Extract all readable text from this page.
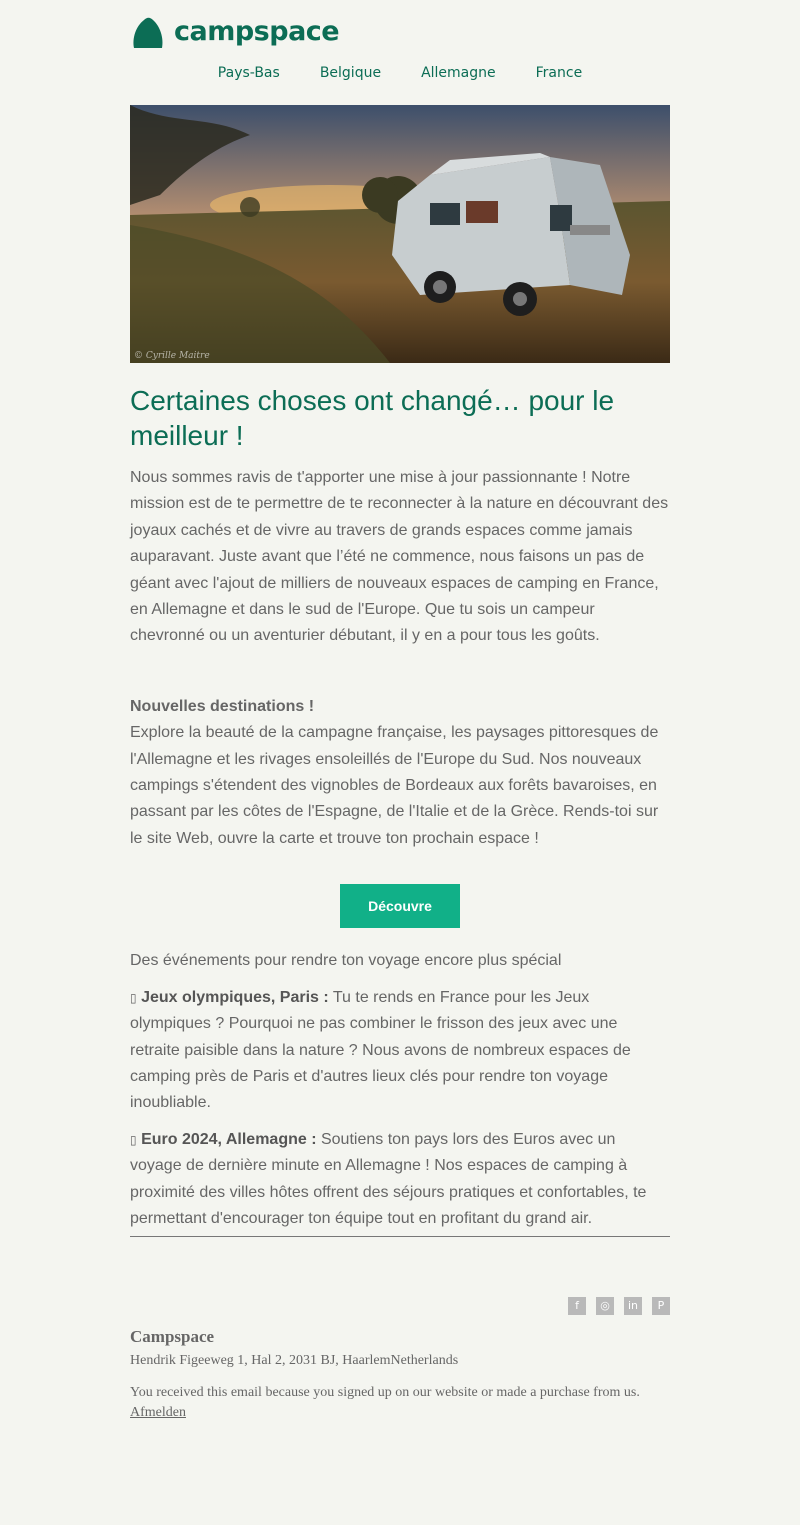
campspace
Pays-Bas	Belgique	Allemagne	France
© Cyrille Maitre
Certaines choses ont changé… pour le meilleur !

Nous sommes ravis de t'apporter une mise à jour passionnante ! Notre mission est de te permettre de te reconnecter à la nature en découvrant des joyaux cachés et de vivre au travers de grands espaces comme jamais auparavant. Juste avant que l’été ne commence, nous faisons un pas de géant avec l'ajout de milliers de nouveaux espaces de camping en France, en Allemagne et dans le sud de l'Europe. Que tu sois un campeur chevronné ou un aventurier débutant, il y en a pour tous les goûts.

Nouvelles destinations !

Explore la beauté de la campagne française, les paysages pittoresques de l'Allemagne et les rivages ensoleillés de l'Europe du Sud. Nos nouveaux campings s'étendent des vignobles de Bordeaux aux forêts bavaroises, en passant par les côtes de l'Espagne, de l'Italie et de la Grèce. Rends-toi sur le site Web, ouvre la carte et trouve ton prochain espace !

Découvre

Des événements pour rendre ton voyage encore plus spécial

▯ Jeux olympiques, Paris : Tu te rends en France pour les Jeux olympiques ? Pourquoi ne pas combiner le frisson des jeux avec une retraite paisible dans la nature ? Nous avons de nombreux espaces de camping près de Paris et d'autres lieux clés pour rendre ton voyage inoubliable.

▯ Euro 2024, Allemagne : Soutiens ton pays lors des Euros avec un voyage de dernière minute en Allemagne ! Nos espaces de camping à proximité des villes hôtes offrent des séjours pratiques et confortables, te permettant d'encourager ton équipe tout en profitant du grand air.

f	◎	in	P
Campspace
Hendrik Figeeweg 1, Hal 2, 2031 BJ, HaarlemNetherlands
You received this email because you signed up on our website or made a purchase from us.
Afmelden
